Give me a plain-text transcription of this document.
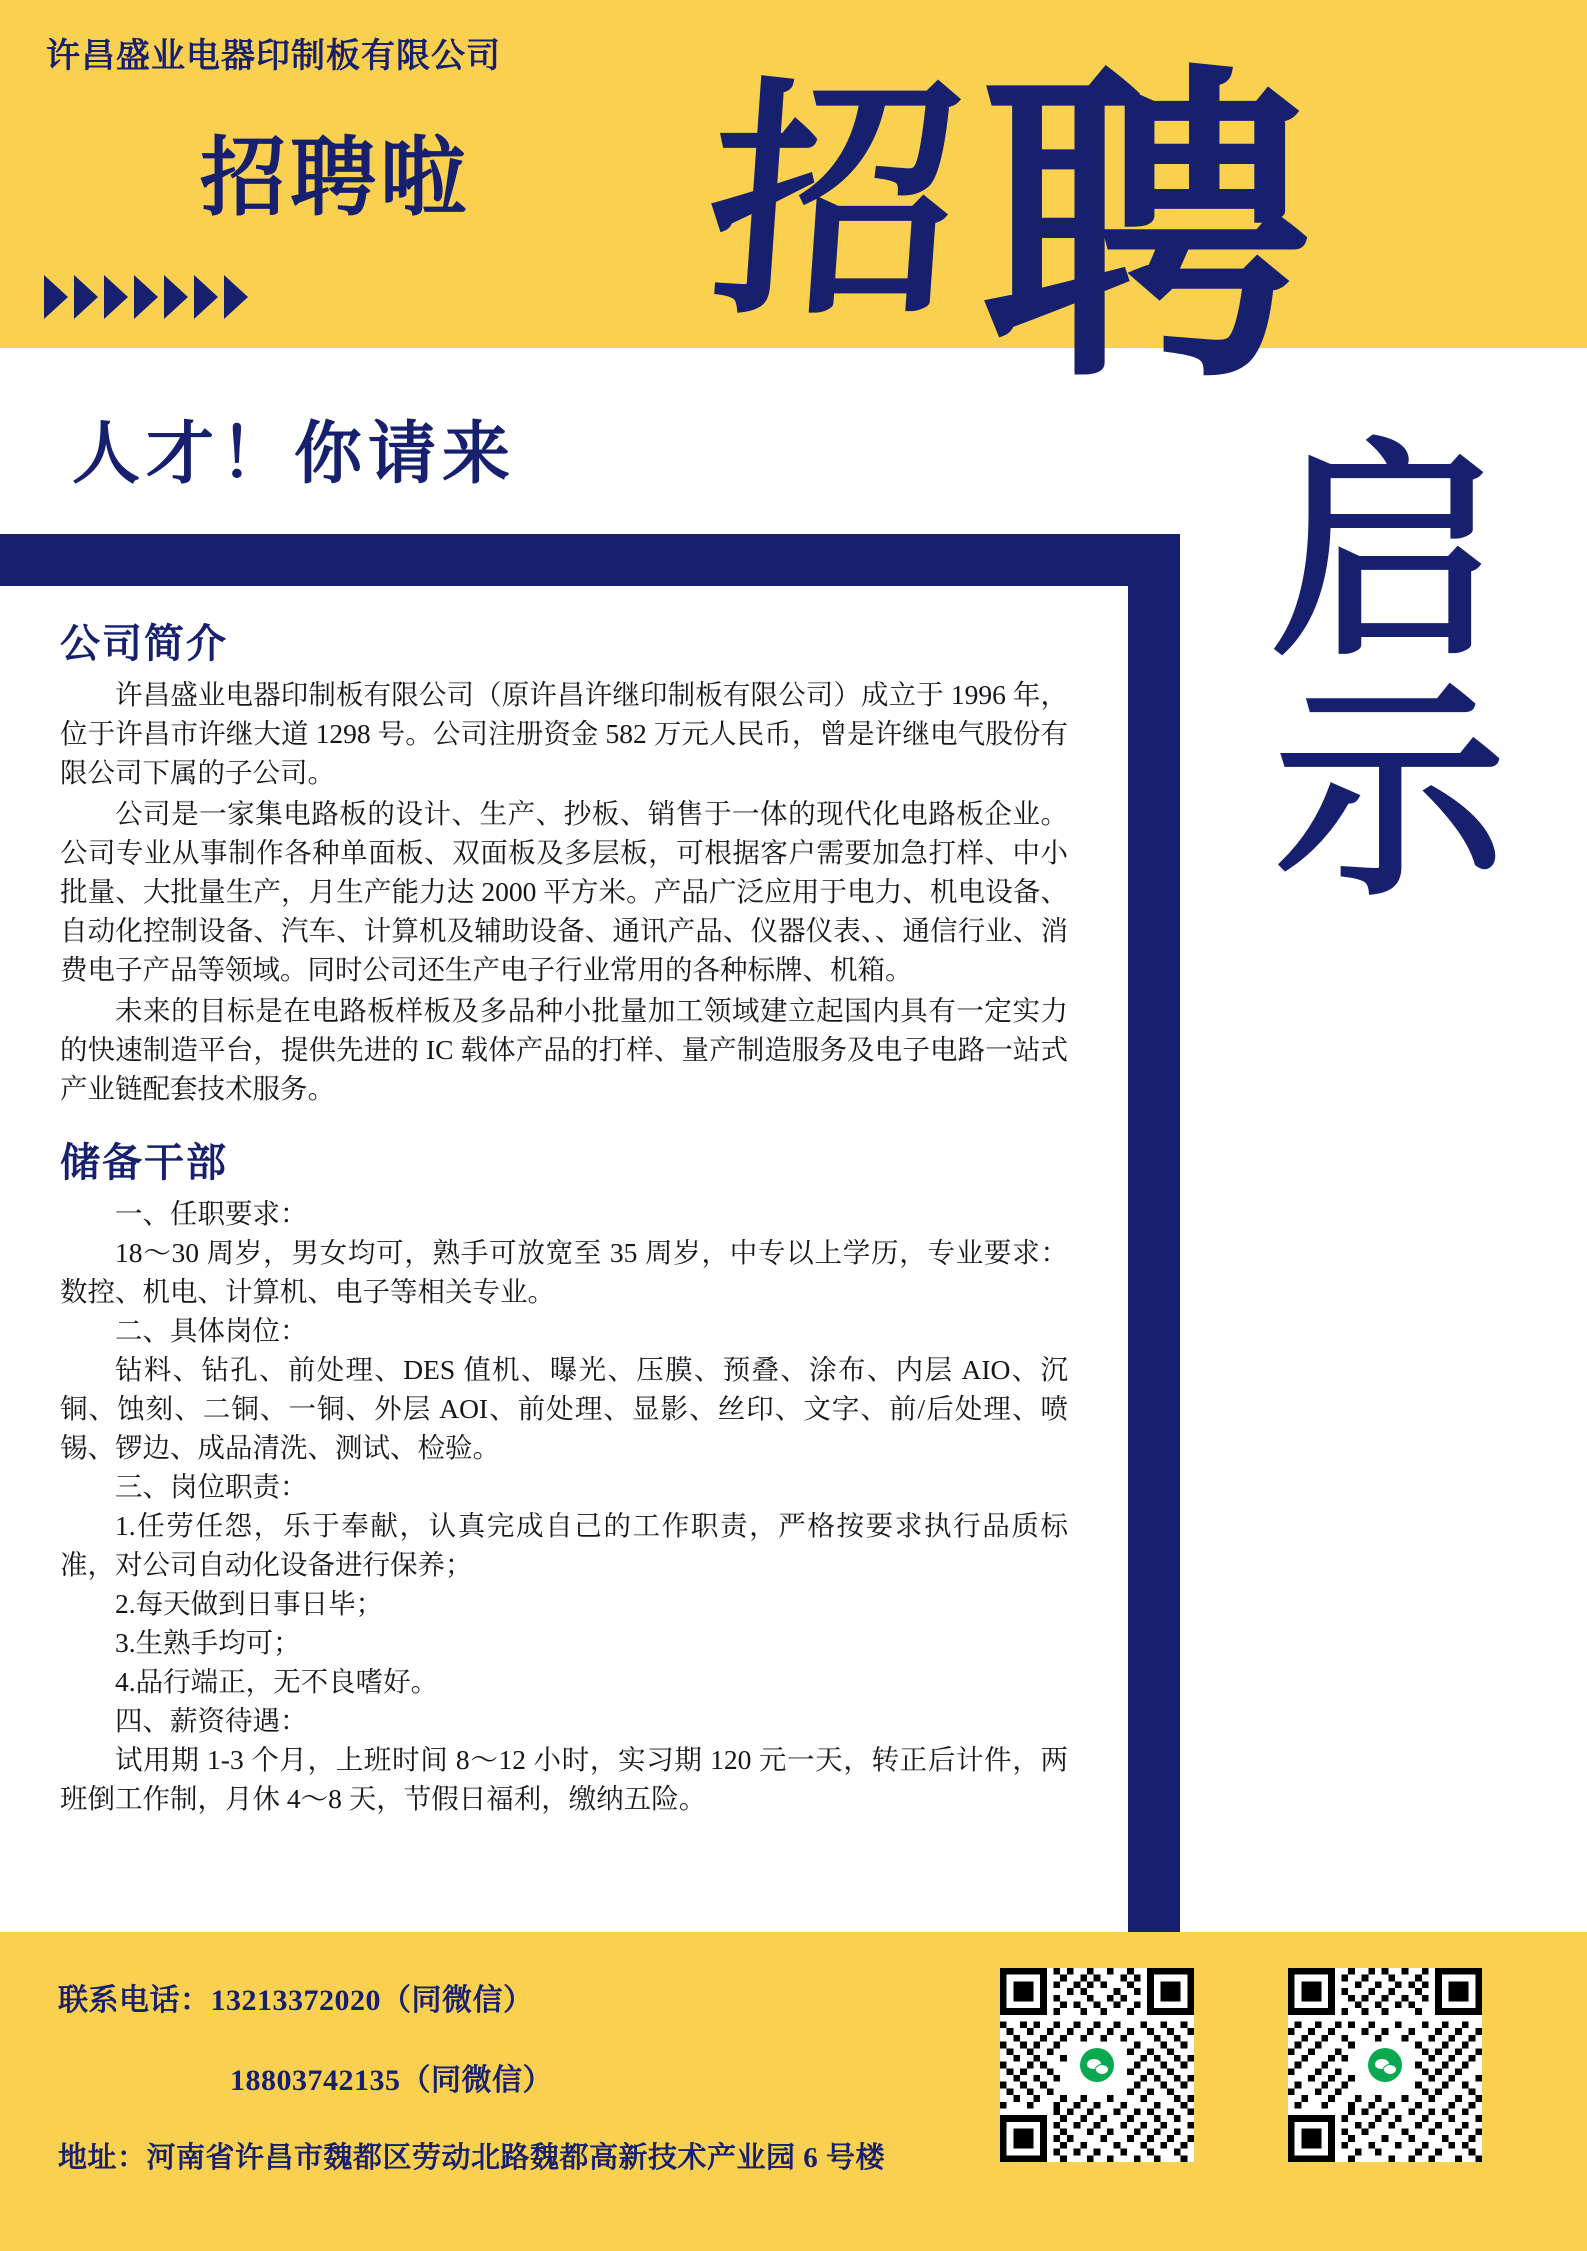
许昌盛业电器印制板有限公司
招聘啦
人才！你请来
招 聘
启
示
公司简介

许昌盛业电器印制板有限公司（原许昌许继印制板有限公司）成立于 1996 年，位于许昌市许继大道 1298 号。公司注册资金 582 万元人民币，曾是许继电气股份有限公司下属的子公司。

公司是一家集电路板的设计、生产、抄板、销售于一体的现代化电路板企业。公司专业从事制作各种单面板、双面板及多层板，可根据客户需要加急打样、中小批量、大批量生产，月生产能力达 2000 平方米。产品广泛应用于电力、机电设备、自动化控制设备、汽车、计算机及辅助设备、通讯产品、仪器仪表、、通信行业、消费电子产品等领域。同时公司还生产电子行业常用的各种标牌、机箱。

未来的目标是在电路板样板及多品种小批量加工领域建立起国内具有一定实力的快速制造平台，提供先进的 IC 载体产品的打样、量产制造服务及电子电路一站式产业链配套技术服务。

储备干部

一、任职要求：

18～30 周岁，男女均可，熟手可放宽至 35 周岁，中专以上学历，专业要求：数控、机电、计算机、电子等相关专业。

二、具体岗位：

钻料、钻孔、前处理、DES 值机、曝光、压膜、预叠、涂布、内层 AIO、沉铜、蚀刻、二铜、一铜、外层 AOI、前处理、显影、丝印、文字、前/后处理、喷锡、锣边、成品清洗、测试、检验。

三、岗位职责：

1.任劳任怨，乐于奉献，认真完成自己的工作职责，严格按要求执行品质标准，对公司自动化设备进行保养；

2.每天做到日事日毕；

3.生熟手均可；

4.品行端正，无不良嗜好。

四、薪资待遇：

试用期 1-3 个月，上班时间 8～12 小时，实习期 120 元一天，转正后计件，两班倒工作制，月休 4～8 天，节假日福利，缴纳五险。

联系电话：13213372020（同微信）
18803742135（同微信）
地址：河南省许昌市魏都区劳动北路魏都高新技术产业园 6 号楼
